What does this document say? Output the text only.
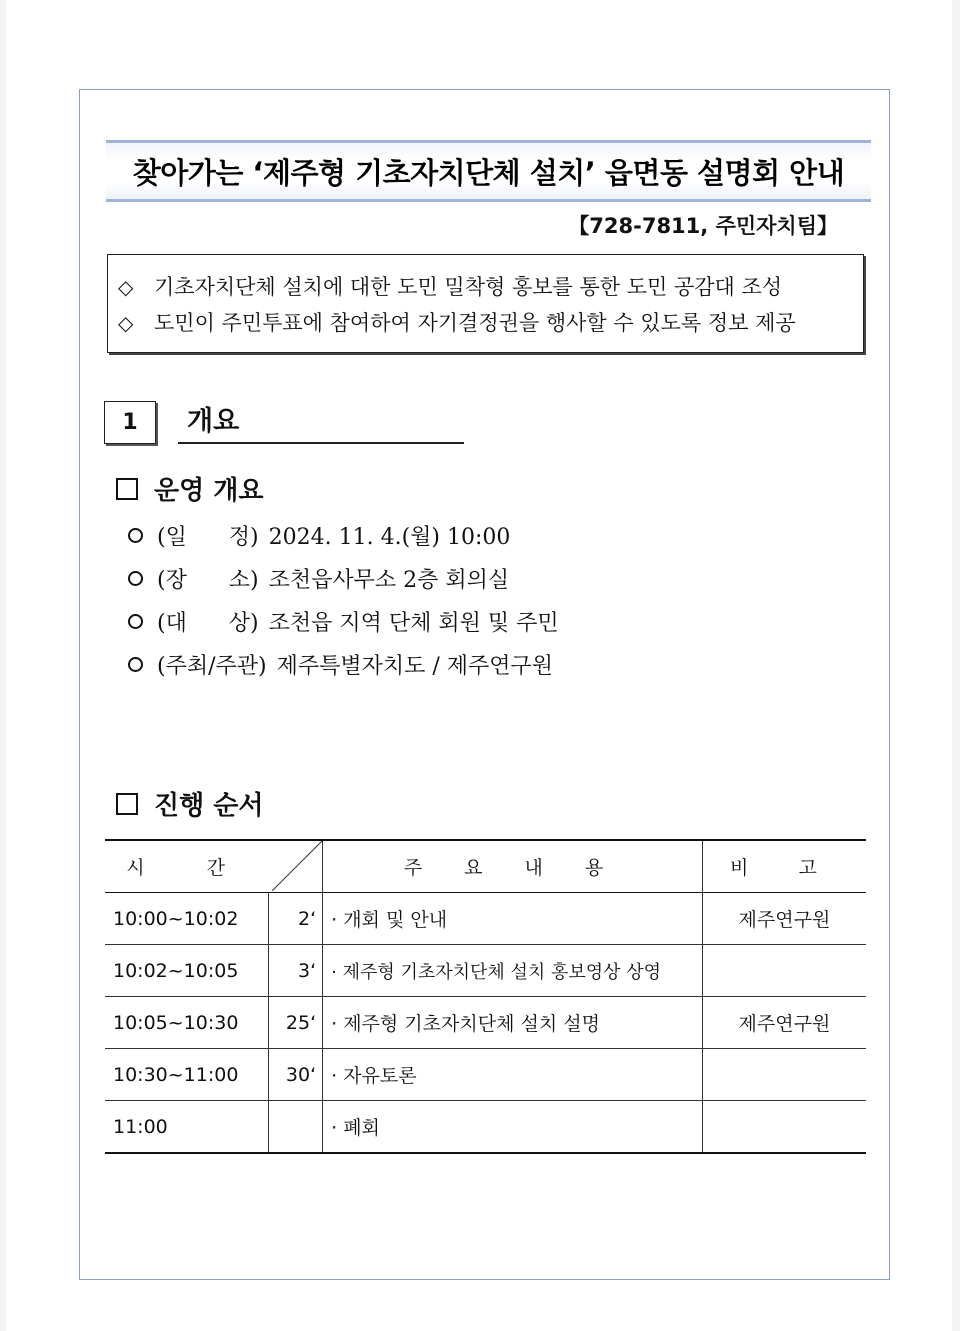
찾아가는 ‘제주형 기초자치단체 설치’ 읍면동 설명회 안내
【728-7811, 주민자치팀】
◇ 기초자치단체 설치에 대한 도민 밀착형 홍보를 통한 도민 공감대 조성
◇ 도민이 주민투표에 참여하여 자기결정권을 행사할 수 있도록 정보 제공
1	개요
운영 개요
(일      정) 2024. 11. 4.(월) 10:00
(장      소) 조천읍사무소 2층 회의실
(대      상) 조천읍 지역 단체 회원 및 주민
(주최/주관) 제주특별자치도 / 제주연구원
진행 순서
시 간		주 요 내 용	비 고
10:00~10:02	2‘	· 개회 및 안내	제주연구원
10:02~10:05	3‘	· 제주형 기초자치단체 설치 홍보영상 상영	
10:05~10:30	25‘	· 제주형 기초자치단체 설치 설명	제주연구원
10:30~11:00	30‘	· 자유토론	
11:00		· 폐회	
